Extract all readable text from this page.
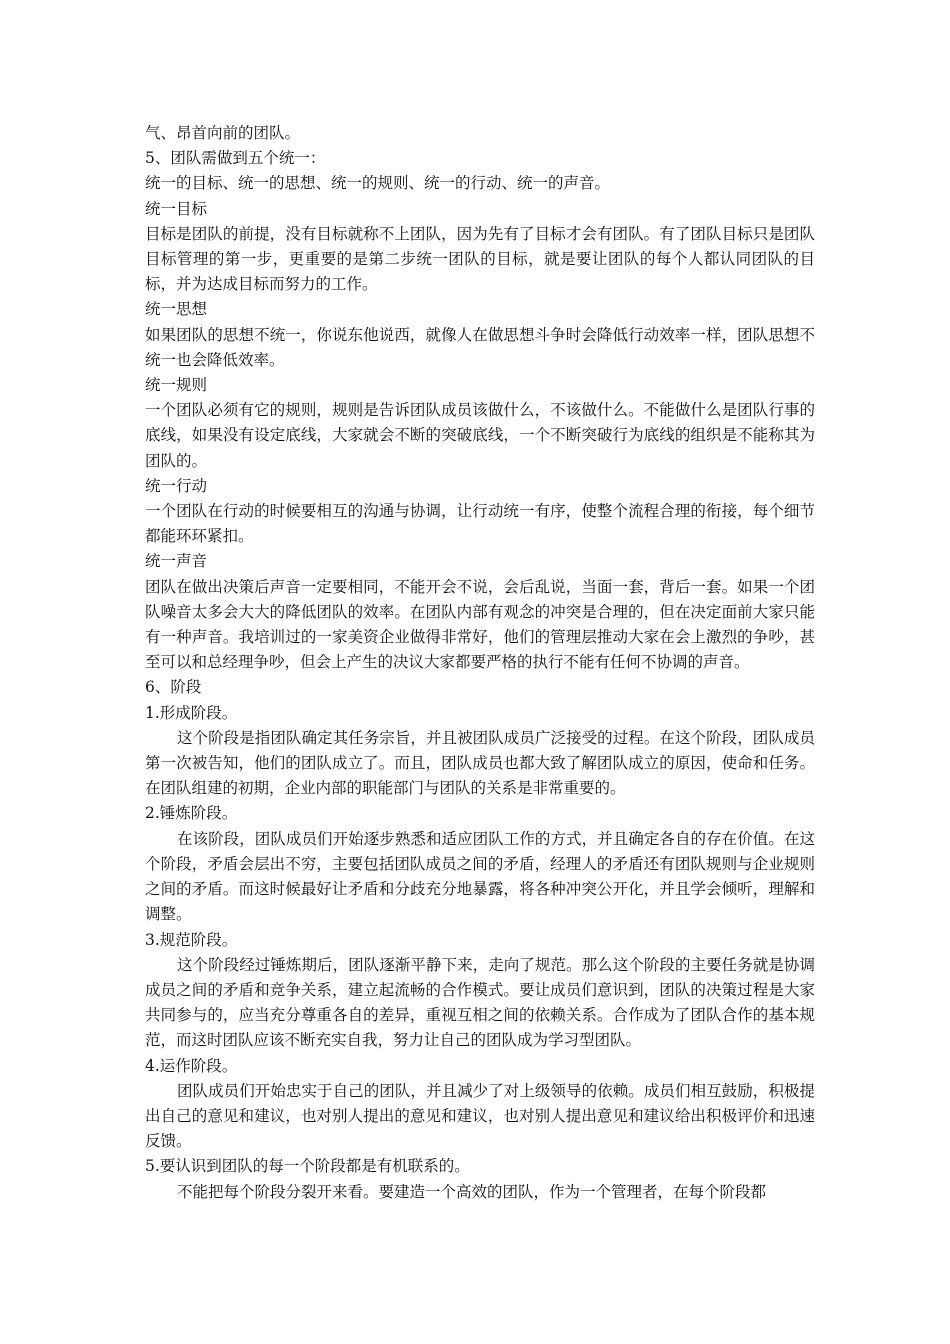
气、昂首向前的团队。

5、团队需做到五个统一：

统一的目标、统一的思想、统一的规则、统一的行动、统一的声音。

统一目标

目标是团队的前提，没有目标就称不上团队，因为先有了目标才会有团队。有了团队目标只是团队目标管理的第一步，更重要的是第二步统一团队的目标，就是要让团队的每个人都认同团队的目标，并为达成目标而努力的工作。

统一思想

如果团队的思想不统一，你说东他说西，就像人在做思想斗争时会降低行动效率一样，团队思想不统一也会降低效率。

统一规则

一个团队必须有它的规则，规则是告诉团队成员该做什么，不该做什么。不能做什么是团队行事的底线，如果没有设定底线，大家就会不断的突破底线，一个不断突破行为底线的组织是不能称其为团队的。

统一行动

一个团队在行动的时候要相互的沟通与协调，让行动统一有序，使整个流程合理的衔接，每个细节都能环环紧扣。

统一声音

团队在做出决策后声音一定要相同，不能开会不说，会后乱说，当面一套，背后一套。如果一个团队噪音太多会大大的降低团队的效率。在团队内部有观念的冲突是合理的，但在决定面前大家只能有一种声音。我培训过的一家美资企业做得非常好，他们的管理层推动大家在会上激烈的争吵，甚至可以和总经理争吵，但会上产生的决议大家都要严格的执行不能有任何不协调的声音。

6、阶段

1.形成阶段。

这个阶段是指团队确定其任务宗旨，并且被团队成员广泛接受的过程。在这个阶段，团队成员第一次被告知，他们的团队成立了。而且，团队成员也都大致了解团队成立的原因，使命和任务。在团队组建的初期，企业内部的职能部门与团队的关系是非常重要的。

2.锤炼阶段。

在该阶段，团队成员们开始逐步熟悉和适应团队工作的方式，并且确定各自的存在价值。在这个阶段，矛盾会层出不穷，主要包括团队成员之间的矛盾，经理人的矛盾还有团队规则与企业规则之间的矛盾。而这时候最好让矛盾和分歧充分地暴露，将各种冲突公开化，并且学会倾听，理解和调整。

3.规范阶段。

这个阶段经过锤炼期后，团队逐渐平静下来，走向了规范。那么这个阶段的主要任务就是协调成员之间的矛盾和竞争关系，建立起流畅的合作模式。要让成员们意识到，团队的决策过程是大家共同参与的，应当充分尊重各自的差异，重视互相之间的依赖关系。合作成为了团队合作的基本规范，而这时团队应该不断充实自我，努力让自己的团队成为学习型团队。

4.运作阶段。

团队成员们开始忠实于自己的团队，并且减少了对上级领导的依赖。成员们相互鼓励，积极提出自己的意见和建议，也对别人提出的意见和建议，也对别人提出意见和建议给出积极评价和迅速反馈。

5.要认识到团队的每一个阶段都是有机联系的。

不能把每个阶段分裂开来看。要建造一个高效的团队，作为一个管理者，在每个阶段都
